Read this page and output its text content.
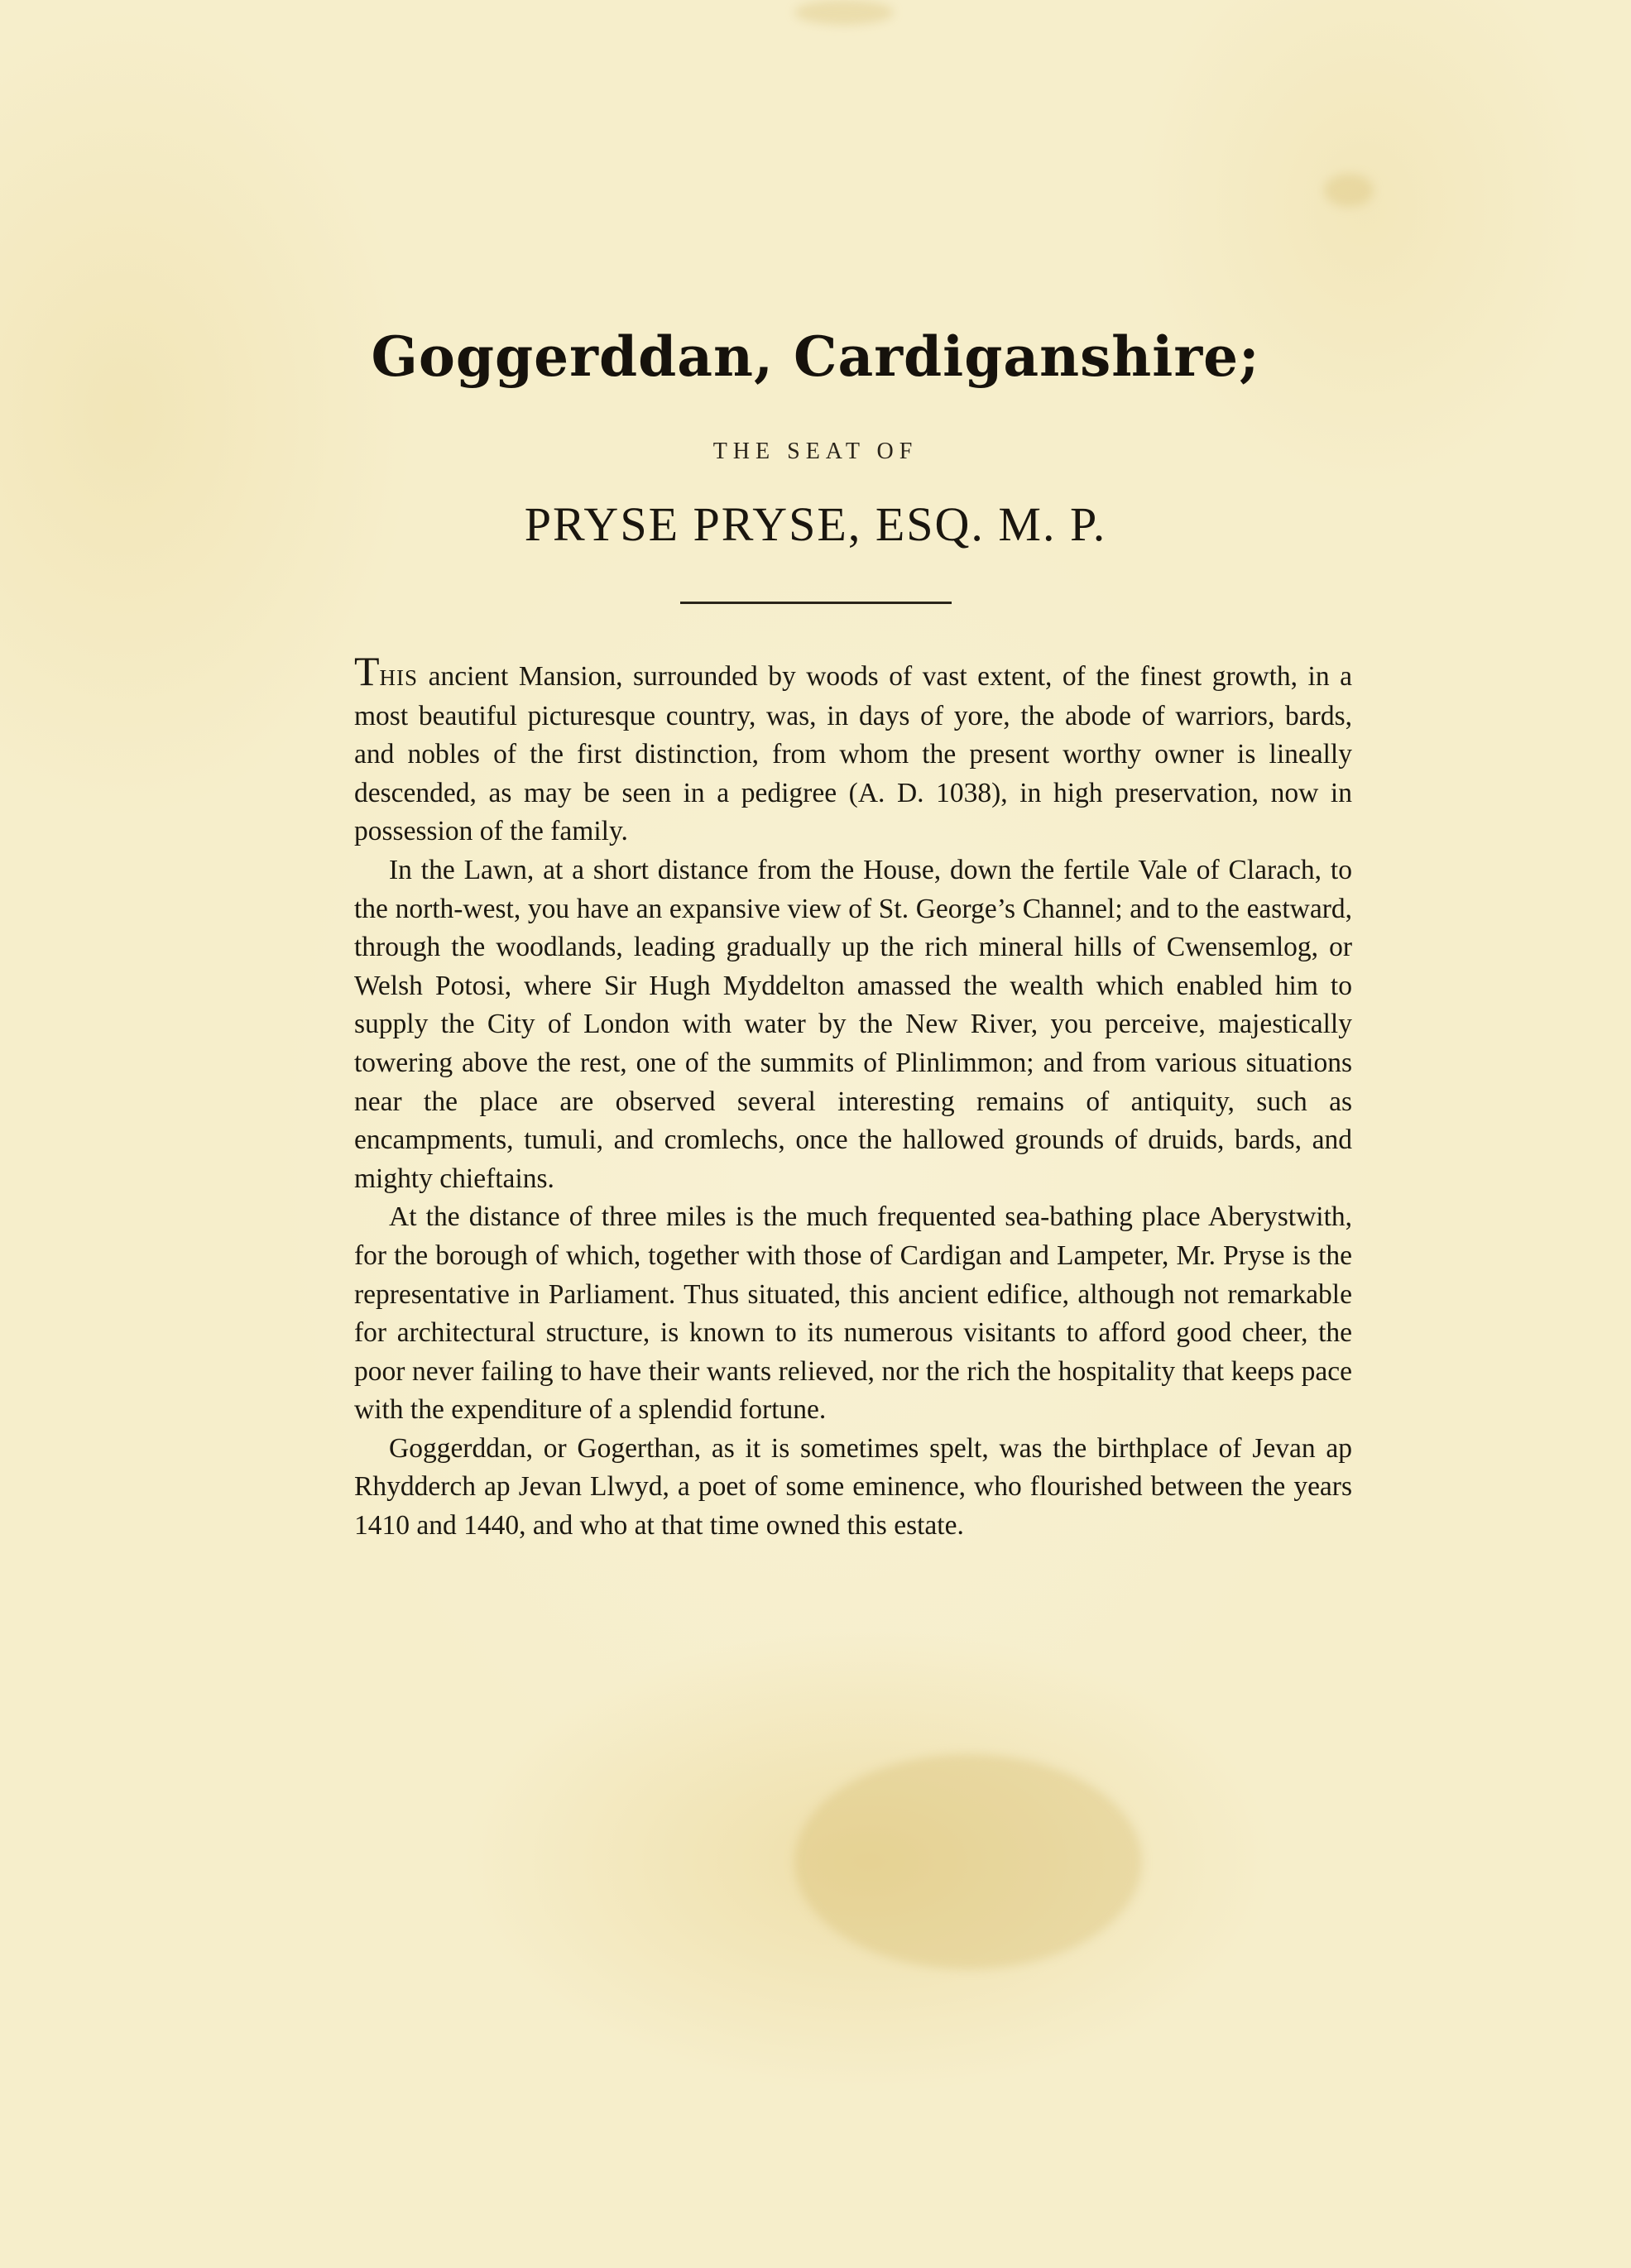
Goggerddan, Cardiganshire;
THE SEAT OF
PRYSE PRYSE, ESQ. M. P.

THIS ancient Mansion, surrounded by woods of vast extent, of the finest growth, in a most beautiful picturesque country, was, in days of yore, the abode of warriors, bards, and nobles of the first distinction, from whom the present worthy owner is lineally descended, as may be seen in a pedigree (A. D. 1038), in high preservation, now in possession of the family.

In the Lawn, at a short distance from the House, down the fertile Vale of Clarach, to the north-west, you have an expansive view of St. George’s Channel; and to the eastward, through the woodlands, leading gradually up the rich mineral hills of Cwensemlog, or Welsh Potosi, where Sir Hugh Myddelton amassed the wealth which enabled him to supply the City of London with water by the New River, you perceive, majestically towering above the rest, one of the summits of Plinlimmon; and from various situations near the place are observed several interesting remains of antiquity, such as encampments, tumuli, and cromlechs, once the hallowed grounds of druids, bards, and mighty chieftains.

At the distance of three miles is the much frequented sea-bathing place Aberystwith, for the borough of which, together with those of Cardigan and Lampeter, Mr. Pryse is the representative in Parliament. Thus situated, this ancient edifice, although not remarkable for architectural structure, is known to its numerous visitants to afford good cheer, the poor never failing to have their wants relieved, nor the rich the hospitality that keeps pace with the expenditure of a splendid fortune.

Goggerddan, or Gogerthan, as it is sometimes spelt, was the birthplace of Jevan ap Rhydderch ap Jevan Llwyd, a poet of some eminence, who flourished between the years 1410 and 1440, and who at that time owned this estate.
